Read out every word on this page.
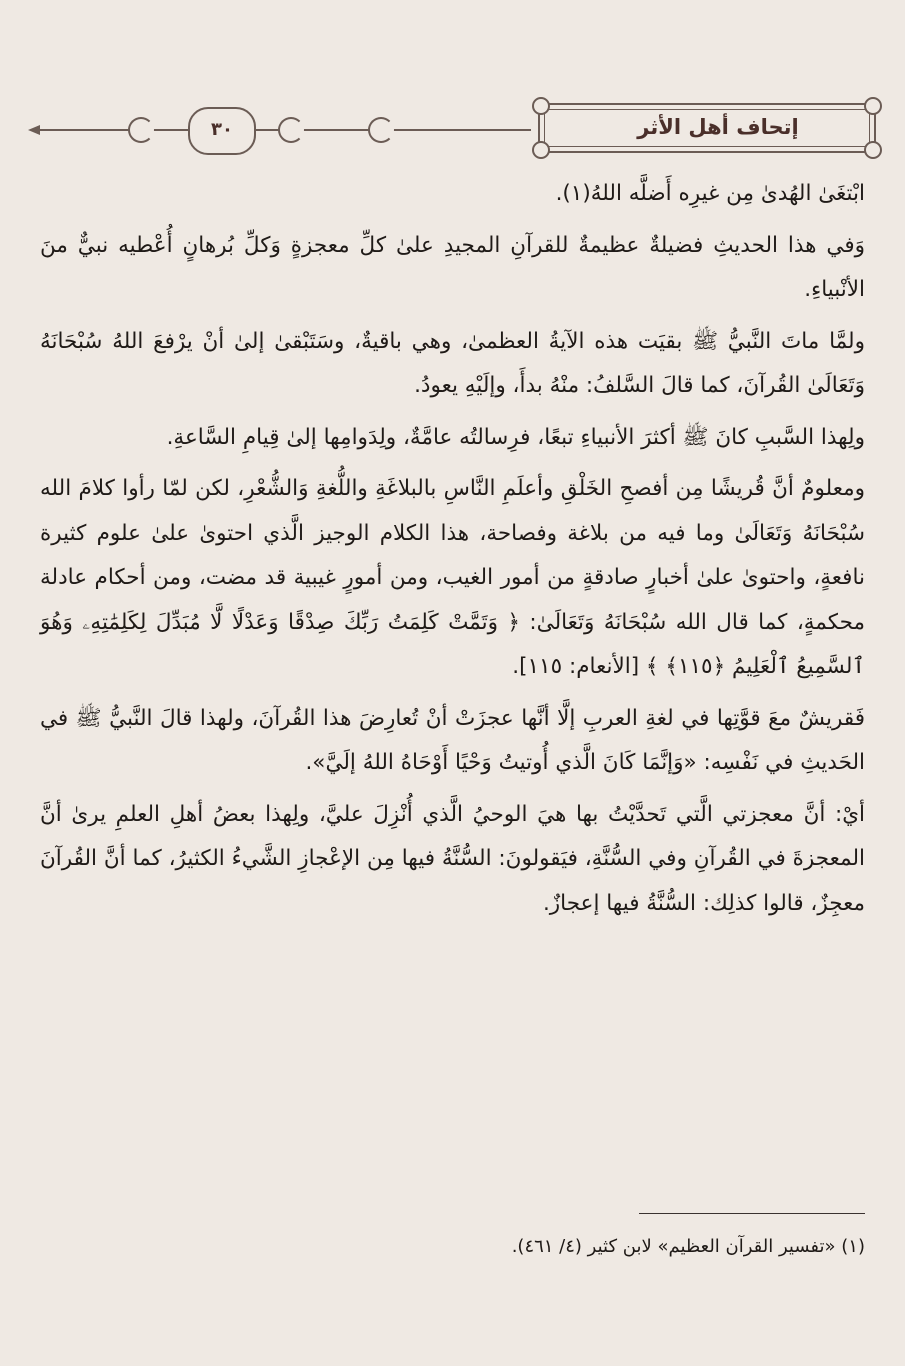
٣٠	إتحاف أهل الأثر

ابْتغَىٰ الهُدىٰ مِن غيرِه أَضلَّه اللهُ(١).

وَفي هذا الحديثِ فضيلةٌ عظيمةٌ للقرآنِ المجيدِ علىٰ كلِّ معجزةٍ وَكلِّ بُرهانٍ أُعْطيه نبيٌّ منَ الأنْبياءِ.

ولمَّا ماتَ النَّبيُّ ﷺ بقيَت هذه الآيةُ العظمىٰ، وهي باقيةٌ، وسَتَبْقىٰ إلىٰ أنْ يرْفعَ اللهُ سُبْحَانَهُ وَتَعَالَىٰ القُرآنَ، كما قالَ السَّلفُ: منْهُ بدأَ، وإلَيْهِ يعودُ.

ولِهذا السَّببِ كانَ ﷺ أكثرَ الأنبياءِ تبعًا، فرِسالتُه عامَّةٌ، ولِدَوامِها إلىٰ قِيامِ السَّاعةِ.

ومعلومٌ أنَّ قُريشًا مِن أفصحِ الخَلْقِ وأعلَمِ النَّاسِ بالبلاغَةِ واللُّغةِ وَالشُّعْرِ، لكن لمّا رأوا كلامَ الله سُبْحَانَهُ وَتَعَالَىٰ وما فيه من بلاغة وفصاحة، هذا الكلام الوجيز الَّذي احتوىٰ علىٰ علوم كثيرة نافعةٍ، واحتوىٰ علىٰ أخبارٍ صادقةٍ من أمور الغيب، ومن أمورٍ غيبية قد مضت، ومن أحكام عادلة محكمةٍ، كما قال الله سُبْحَانَهُ وَتَعَالَىٰ: ﴿ وَتَمَّتْ كَلِمَتُ رَبِّكَ صِدْقًا وَعَدْلًا لَّا مُبَدِّلَ لِكَلِمَٰتِهِۦ وَهُوَ ٱلسَّمِيعُ ٱلْعَلِيمُ ﴿١١٥﴾ ﴾ [الأنعام: ١١٥].

فَقريشٌ معَ قوَّتِها في لغةِ العربِ إلَّا أنَّها عجزَتْ أنْ تُعارِضَ هذا القُرآنَ، ولهذا قالَ النَّبيُّ ﷺ في الحَديثِ في نَفْسِه: «وَإنَّمَا كَانَ الَّذي أُوتيتُ وَحْيًا أَوْحَاهُ اللهُ إلَيَّ».

أيْ: أنَّ معجزتي الَّتي تَحدَّيْتُ بها هيَ الوحيُ الَّذي أُنْزِلَ عليَّ، ولِهذا بعضُ أهلِ العلمِ يرىٰ أنَّ المعجزةَ في القُرآنِ وفي السُّنَّةِ، فيَقولونَ: السُّنَّةُ فيها مِن الإعْجازِ الشَّيءُ الكثيرُ، كما أنَّ القُرآنَ معجِزٌ، قالوا كذلِك: السُّنَّةُ فيها إعجازٌ.

(١) «تفسير القرآن العظيم» لابن كثير (٤/ ٤٦١).
